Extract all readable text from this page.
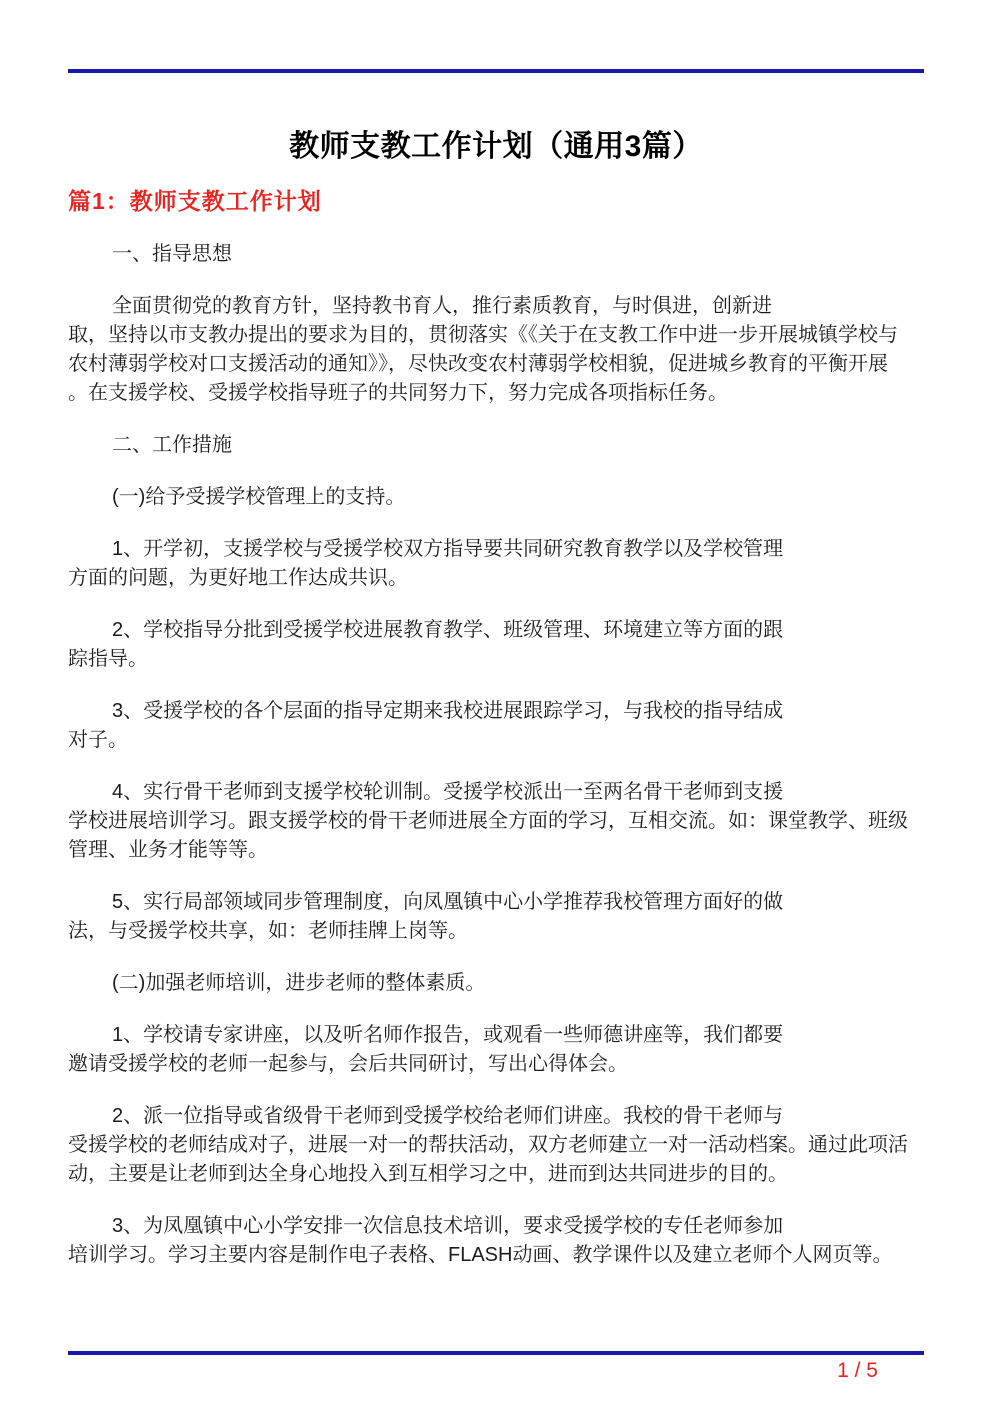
教师支教工作计划（通用3篇）
篇1：教师支教工作计划

一、指导思想

全面贯彻党的教育方针，坚持教书育人，推行素质教育，与时俱进，创新进
取，坚持以市支教办提出的要求为目的，贯彻落实《《关于在支教工作中进一步开展城镇学校与
农村薄弱学校对口支援活动的通知》》，尽快改变农村薄弱学校相貌，促进城乡教育的平衡开展
。在支援学校、受援学校指导班子的共同努力下，努力完成各项指标任务。

二、工作措施

(一)给予受援学校管理上的支持。

1、开学初，支援学校与受援学校双方指导要共同研究教育教学以及学校管理
方面的问题，为更好地工作达成共识。

2、学校指导分批到受援学校进展教育教学、班级管理、环境建立等方面的跟
踪指导。

3、受援学校的各个层面的指导定期来我校进展跟踪学习，与我校的指导结成
对子。

4、实行骨干老师到支援学校轮训制。受援学校派出一至两名骨干老师到支援
学校进展培训学习。跟支援学校的骨干老师进展全方面的学习，互相交流。如：课堂教学、班级
管理、业务才能等等。

5、实行局部领域同步管理制度，向凤凰镇中心小学推荐我校管理方面好的做
法，与受援学校共享，如：老师挂牌上岗等。

(二)加强老师培训，进步老师的整体素质。

1、学校请专家讲座，以及听名师作报告，或观看一些师德讲座等，我们都要
邀请受援学校的老师一起参与，会后共同研讨，写出心得体会。

2、派一位指导或省级骨干老师到受援学校给老师们讲座。我校的骨干老师与
受援学校的老师结成对子，进展一对一的帮扶活动，双方老师建立一对一活动档案。通过此项活
动，主要是让老师到达全身心地投入到互相学习之中，进而到达共同进步的目的。

3、为凤凰镇中心小学安排一次信息技术培训，要求受援学校的专任老师参加
培训学习。学习主要内容是制作电子表格、FLASH动画、教学课件以及建立老师个人网页等。

1 / 5
